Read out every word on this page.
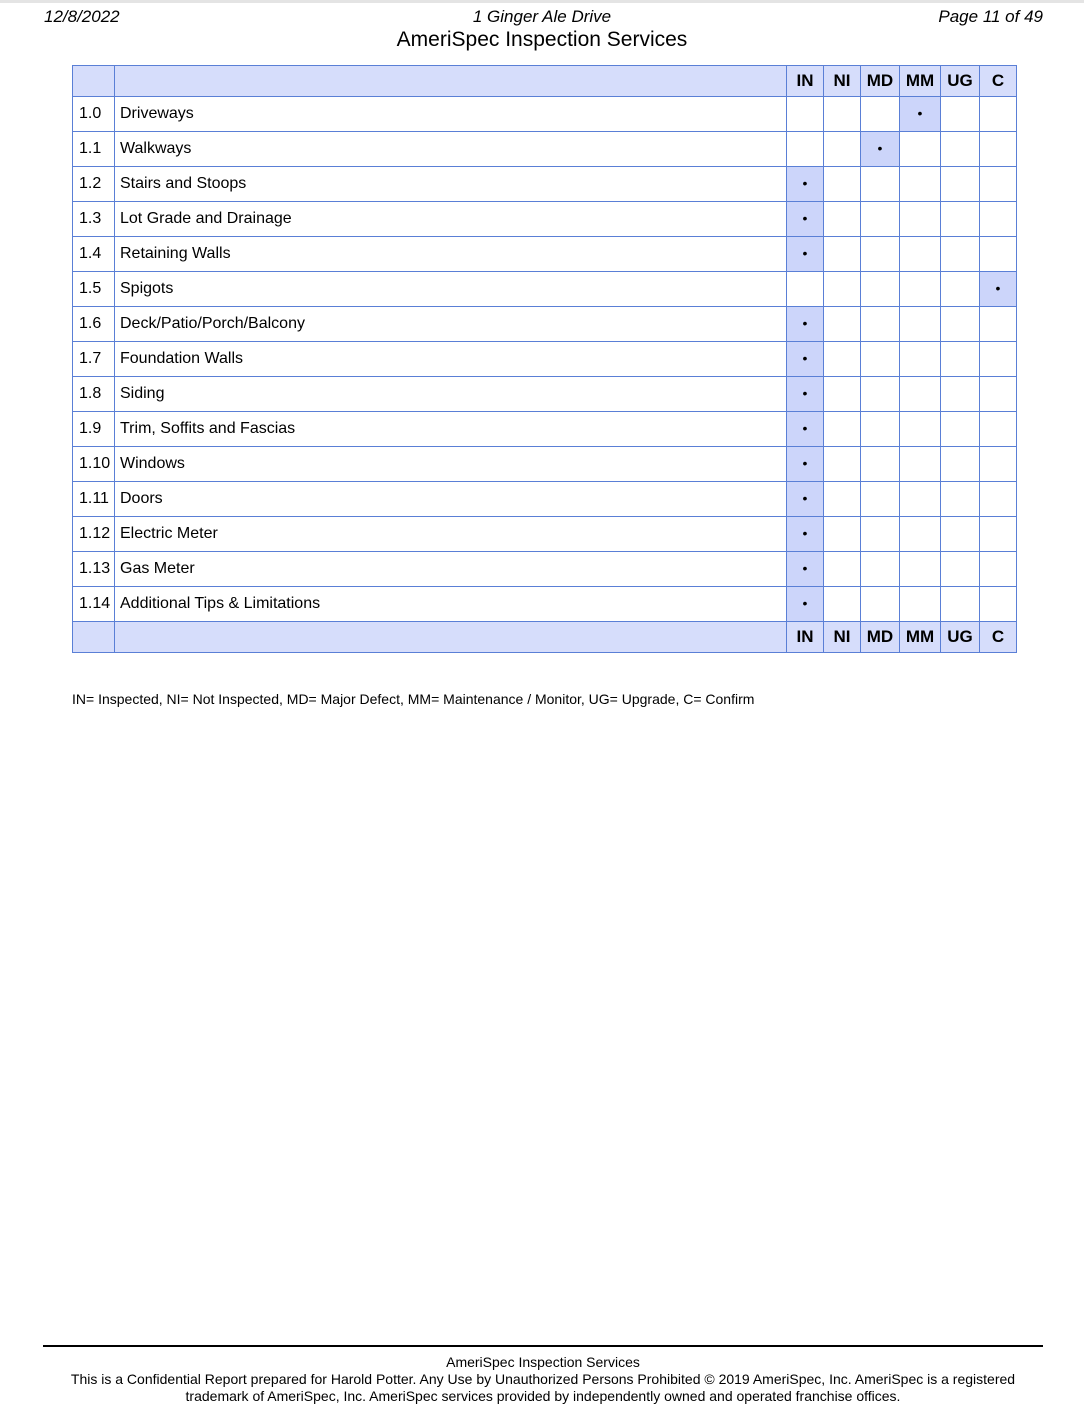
12/8/2022	1 Ginger Ale Drive	Page 11 of 49
AmeriSpec Inspection Services
		IN	NI	MD	MM	UG	C
1.0	Driveways				•		
1.1	Walkways			•			
1.2	Stairs and Stoops	•					
1.3	Lot Grade and Drainage	•					
1.4	Retaining Walls	•					
1.5	Spigots						•
1.6	Deck/Patio/Porch/Balcony	•					
1.7	Foundation Walls	•					
1.8	Siding	•					
1.9	Trim, Soffits and Fascias	•					
1.10	Windows	•					
1.11	Doors	•					
1.12	Electric Meter	•					
1.13	Gas Meter	•					
1.14	Additional Tips & Limitations	•					
		IN	NI	MD	MM	UG	C
IN= Inspected, NI= Not Inspected, MD= Major Defect, MM= Maintenance / Monitor, UG= Upgrade, C= Confirm
AmeriSpec Inspection Services
This is a Confidential Report prepared for Harold Potter. Any Use by Unauthorized Persons Prohibited © 2019 AmeriSpec, Inc. AmeriSpec is a registered trademark of AmeriSpec, Inc. AmeriSpec services provided by independently owned and operated franchise offices.
